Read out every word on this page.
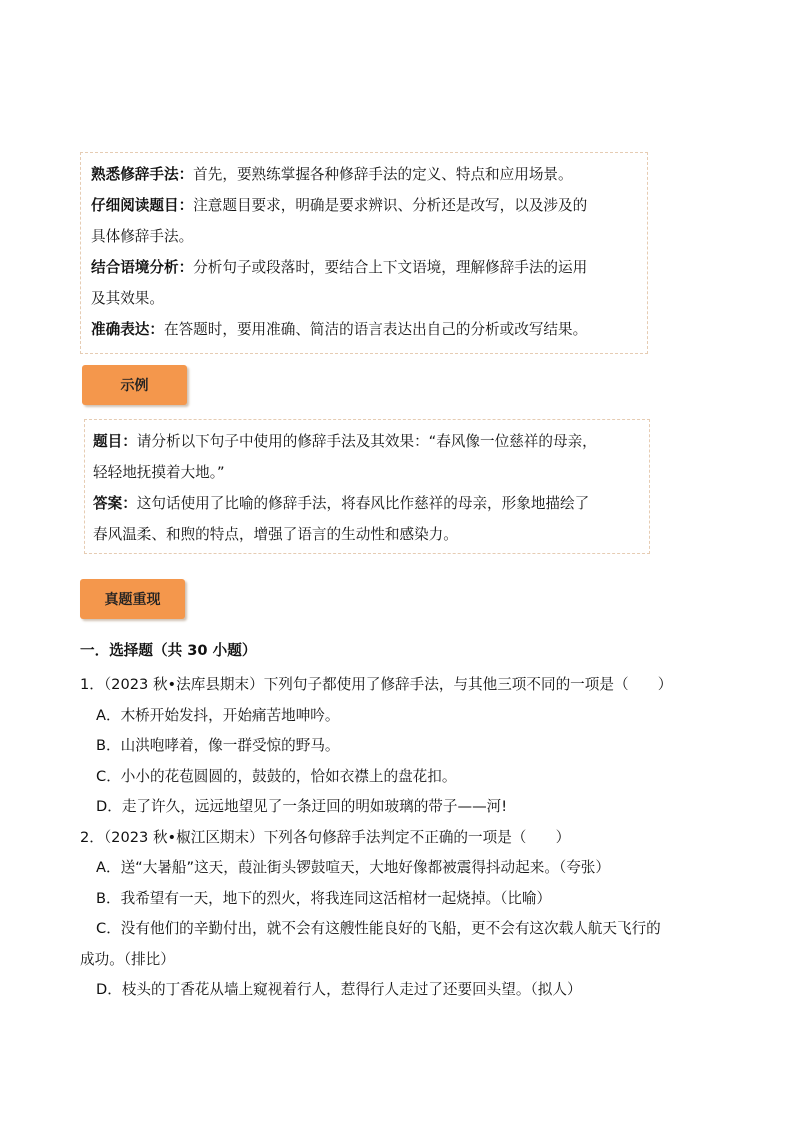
熟悉修辞手法：首先，要熟练掌握各种修辞手法的定义、特点和应用场景。
仔细阅读题目：注意题目要求，明确是要求辨识、分析还是改写，以及涉及的
具体修辞手法。
结合语境分析：分析句子或段落时，要结合上下文语境，理解修辞手法的运用
及其效果。
准确表达：在答题时，要用准确、简洁的语言表达出自己的分析或改写结果。
示例
题目：请分析以下句子中使用的修辞手法及其效果：“春风像一位慈祥的母亲，
轻轻地抚摸着大地。”
答案：这句话使用了比喻的修辞手法，将春风比作慈祥的母亲，形象地描绘了
春风温柔、和煦的特点，增强了语言的生动性和感染力。
真题重现
一．选择题（共 30 小题）
1．（2023 秋•法库县期末）下列句子都使用了修辞手法，与其他三项不同的一项是（　　）
A．木桥开始发抖，开始痛苦地呻吟。
B．山洪咆哮着，像一群受惊的野马。
C．小小的花苞圆圆的，鼓鼓的，恰如衣襟上的盘花扣。
D．走了许久，远远地望见了一条迂回的明如玻璃的带子——河!
2．（2023 秋•椒江区期末）下列各句修辞手法判定不正确的一项是（　　）
A．送“大暑船”这天，葭沚街头锣鼓喧天，大地好像都被震得抖动起来。（夸张）
B．我希望有一天，地下的烈火，将我连同这活棺材一起烧掉。（比喻）
C．没有他们的辛勤付出，就不会有这艘性能良好的飞船，更不会有这次载人航天飞行的
成功。（排比）
D．枝头的丁香花从墙上窥视着行人，惹得行人走过了还要回头望。（拟人）
